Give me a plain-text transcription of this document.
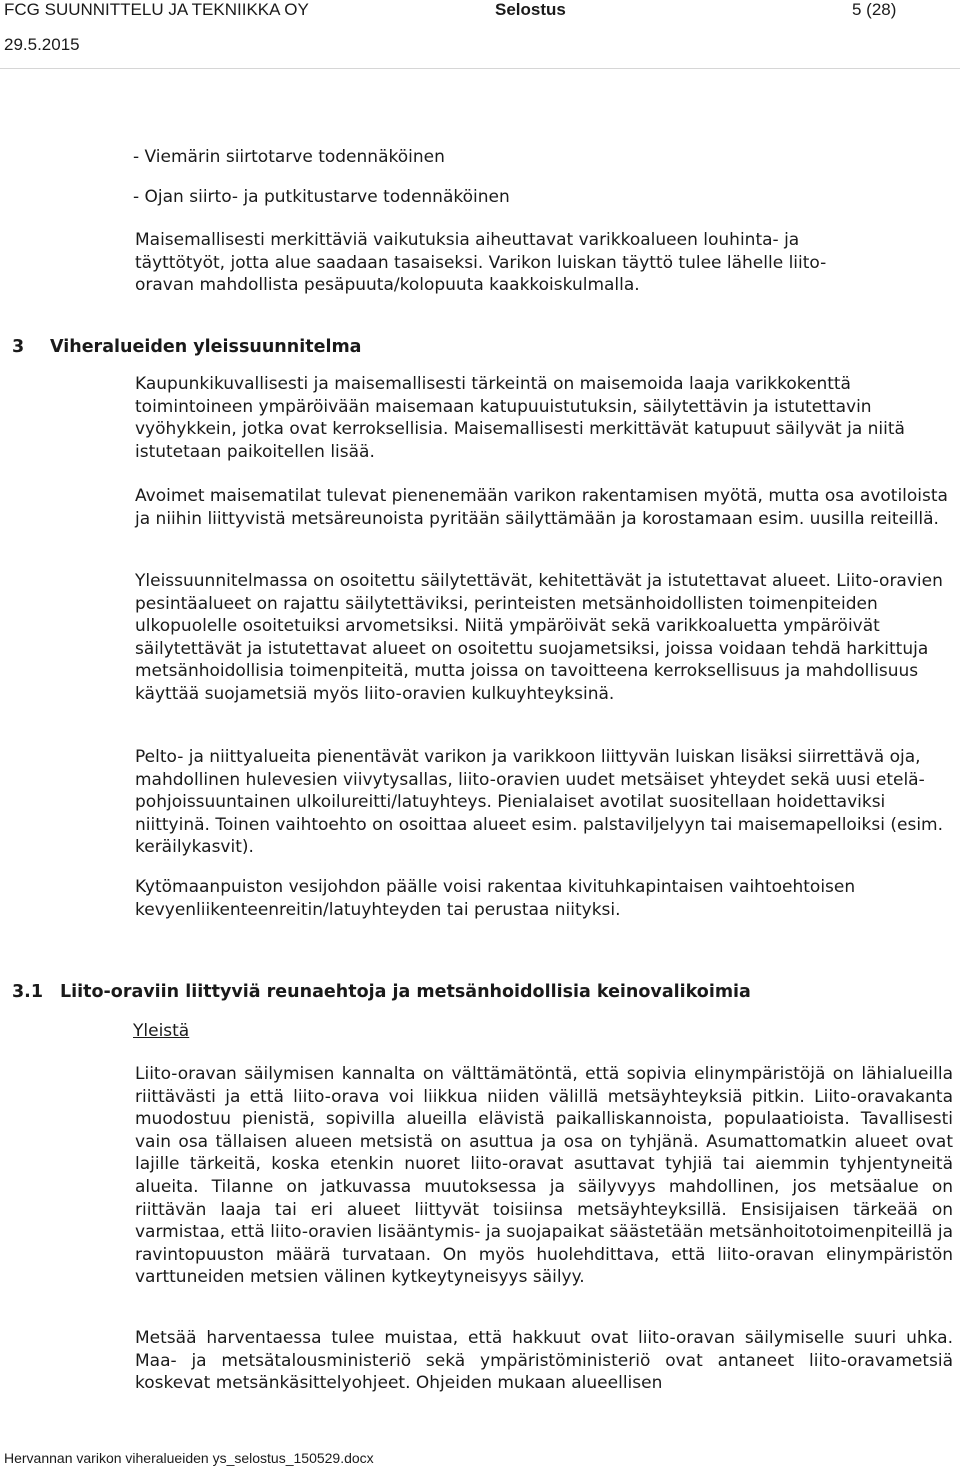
FCG SUUNNITTELU JA TEKNIIKKA OY	Selostus	5 (28)
29.5.2015
- Viemärin siirtotarve todennäköinen
- Ojan siirto- ja putkitustarve todennäköinen

Maisemallisesti merkittäviä vaikutuksia aiheuttavat varikkoalueen louhinta- ja täyttötyöt, jotta alue saadaan tasaiseksi. Varikon luiskan täyttö tulee lähelle liito-oravan mahdollista pesäpuuta/kolopuuta kaakkoiskulmalla.

3 Viheralueiden yleissuunnitelma

Kaupunkikuvallisesti ja maisemallisesti tärkeintä on maisemoida laaja varikkokenttä toimintoineen ympäröivään maisemaan katupuuistutuksin, säilytettävin ja istutettavin vyöhykkein, jotka ovat kerroksellisia. Maisemallisesti merkittävät katupuut säilyvät ja niitä istutetaan paikoitellen lisää.

Avoimet maisematilat tulevat pienenemään varikon rakentamisen myötä, mutta osa avotiloista ja niihin liittyvistä metsäreunoista pyritään säilyttämään ja korostamaan esim. uusilla reiteillä.

Yleissuunnitelmassa on osoitettu säilytettävät, kehitettävät ja istutettavat alueet. Liito-oravien pesintäalueet on rajattu säilytettäviksi, perinteisten metsänhoidollisten toimenpiteiden ulkopuolelle osoitetuiksi arvometsiksi. Niitä ympäröivät sekä varikkoaluetta ympäröivät säilytettävät ja istutettavat alueet on osoitettu suojametsiksi, joissa voidaan tehdä harkittuja metsänhoidollisia toimenpiteitä, mutta joissa on tavoitteena kerroksellisuus ja mahdollisuus käyttää suojametsiä myös liito-oravien kulkuyhteyksinä.

Pelto- ja niittyalueita pienentävät varikon ja varikkoon liittyvän luiskan lisäksi siirrettävä oja, mahdollinen hulevesien viivytysallas, liito-oravien uudet metsäiset yhteydet sekä uusi etelä-pohjoissuuntainen ulkoilureitti/latuyhteys. Pienialaiset avotilat suositellaan hoidettaviksi niittyinä. Toinen vaihtoehto on osoittaa alueet esim. palstaviljelyyn tai maisemapelloiksi (esim. keräilykasvit).

Kytömaanpuiston vesijohdon päälle voisi rakentaa kivituhkapintaisen vaihtoehtoisen kevyenliikenteenreitin/latuyhteyden tai perustaa niityksi.

3.1 Liito-oraviin liittyviä reunaehtoja ja metsänhoidollisia keinovalikoimia
Yleistä

Liito-oravan säilymisen kannalta on välttämätöntä, että sopivia elinympäristöjä on lähialueilla riittävästi ja että liito-orava voi liikkua niiden välillä metsäyhteyksiä pitkin. Liito-oravakanta muodostuu pienistä, sopivilla alueilla elävistä paikalliskannoista, populaatioista. Tavallisesti vain osa tällaisen alueen metsistä on asuttua ja osa on tyhjänä. Asumattomatkin alueet ovat lajille tärkeitä, koska etenkin nuoret liito-oravat asuttavat tyhjiä tai aiemmin tyhjentyneitä alueita. Tilanne on jatkuvassa muutoksessa ja säilyvyys mahdollinen, jos metsäalue on riittävän laaja tai eri alueet liittyvät toisiinsa metsäyhteyksillä. Ensisijaisen tärkeää on varmistaa, että liito-oravien lisääntymis- ja suojapaikat säästetään metsänhoitotoimenpiteillä ja ravintopuuston määrä turvataan. On myös huolehdittava, että liito-oravan elinympäristön varttuneiden metsien välinen kytkeytyneisyys säilyy.

Metsää harventaessa tulee muistaa, että hakkuut ovat liito-oravan säilymiselle suuri uhka. Maa- ja metsätalousministeriö sekä ympäristöministeriö ovat antaneet liito-oravametsiä koskevat metsänkäsittelyohjeet. Ohjeiden mukaan alueellisen

Hervannan varikon viheralueiden ys_selostus_150529.docx
